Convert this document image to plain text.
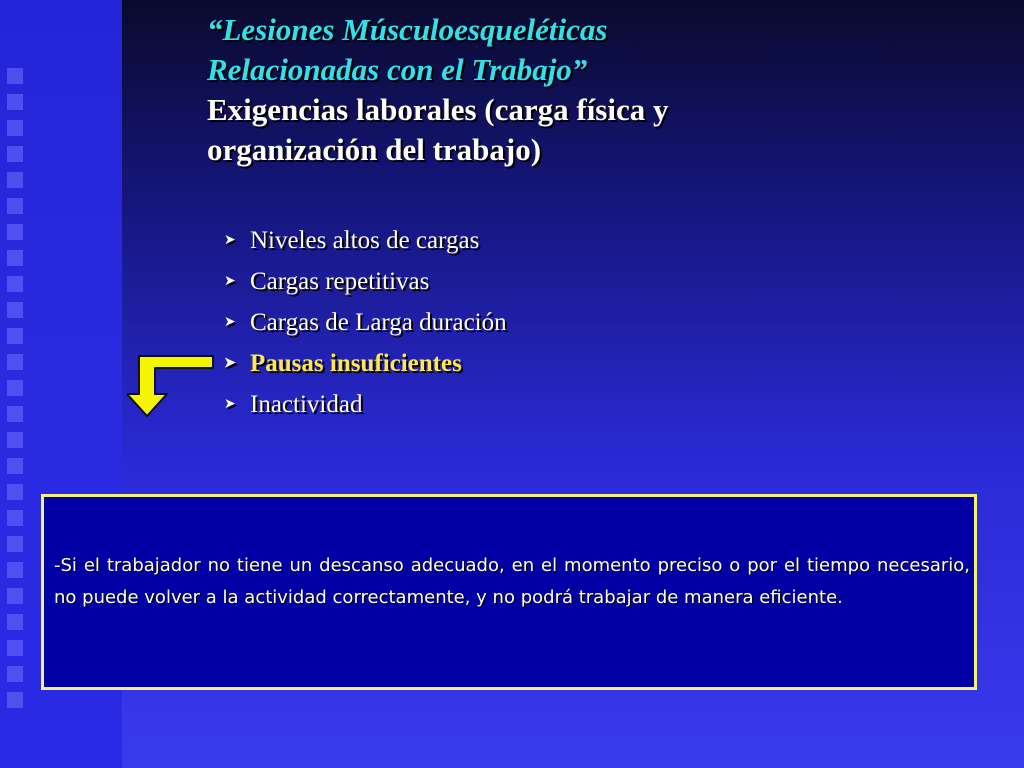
“Lesiones Músculoesqueléticas
Relacionadas con el Trabajo”
Exigencias laborales (carga física y
organización del trabajo)
➤ Niveles altos de cargas
➤ Cargas repetitivas
➤ Cargas de Larga duración
➤ Pausas insuficientes
➤ Inactividad
-Si el trabajador no tiene un descanso adecuado, en el momento preciso o por el tiempo necesario, no puede volver a la actividad correctamente, y no podrá trabajar de manera eficiente.
